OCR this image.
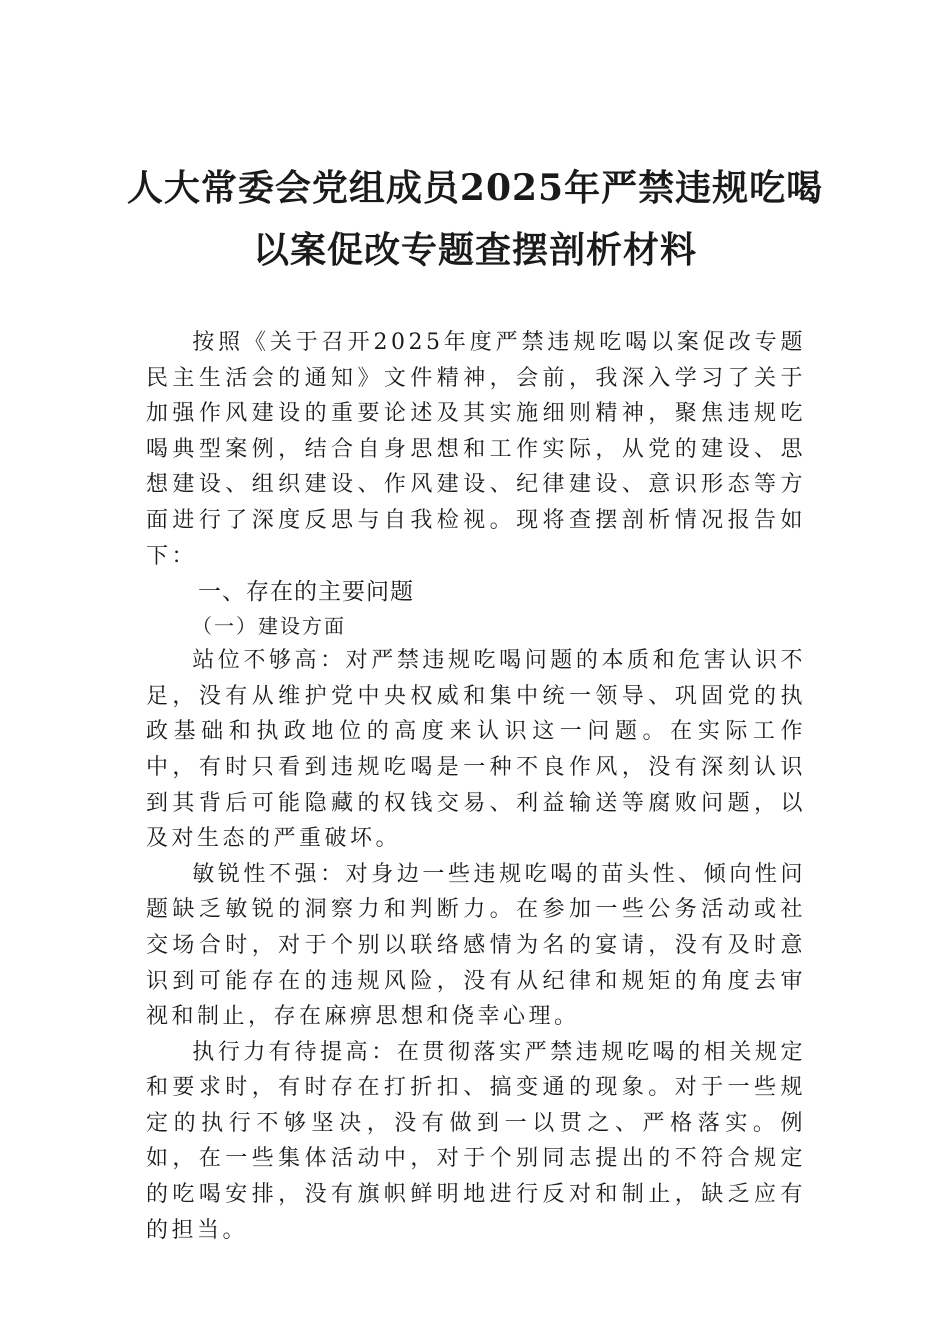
人大常委会党组成员2025年严禁违规吃喝

以案促改专题查摆剖析材料

按照《关于召开2025年度严禁违规吃喝以案促改专题民主生活会的通知》文件精神，会前，我深入学习了关于加强作风建设的重要论述及其实施细则精神，聚焦违规吃喝典型案例，结合自身思想和工作实际，从党的建设、思想建设、组织建设、作风建设、纪律建设、意识形态等方面进行了深度反思与自我检视。现将查摆剖析情况报告如下：

一、存在的主要问题

（一）建设方面

站位不够高：对严禁违规吃喝问题的本质和危害认识不足，没有从维护党中央权威和集中统一领导、巩固党的执政基础和执政地位的高度来认识这一问题。在实际工作中，有时只看到违规吃喝是一种不良作风，没有深刻认识到其背后可能隐藏的权钱交易、利益输送等腐败问题，以及对生态的严重破坏。

敏锐性不强：对身边一些违规吃喝的苗头性、倾向性问题缺乏敏锐的洞察力和判断力。在参加一些公务活动或社交场合时，对于个别以联络感情为名的宴请，没有及时意识到可能存在的违规风险，没有从纪律和规矩的角度去审视和制止，存在麻痹思想和侥幸心理。

执行力有待提高：在贯彻落实严禁违规吃喝的相关规定和要求时，有时存在打折扣、搞变通的现象。对于一些规定的执行不够坚决，没有做到一以贯之、严格落实。例如，在一些集体活动中，对于个别同志提出的不符合规定的吃喝安排，没有旗帜鲜明地进行反对和制止，缺乏应有的担当。
